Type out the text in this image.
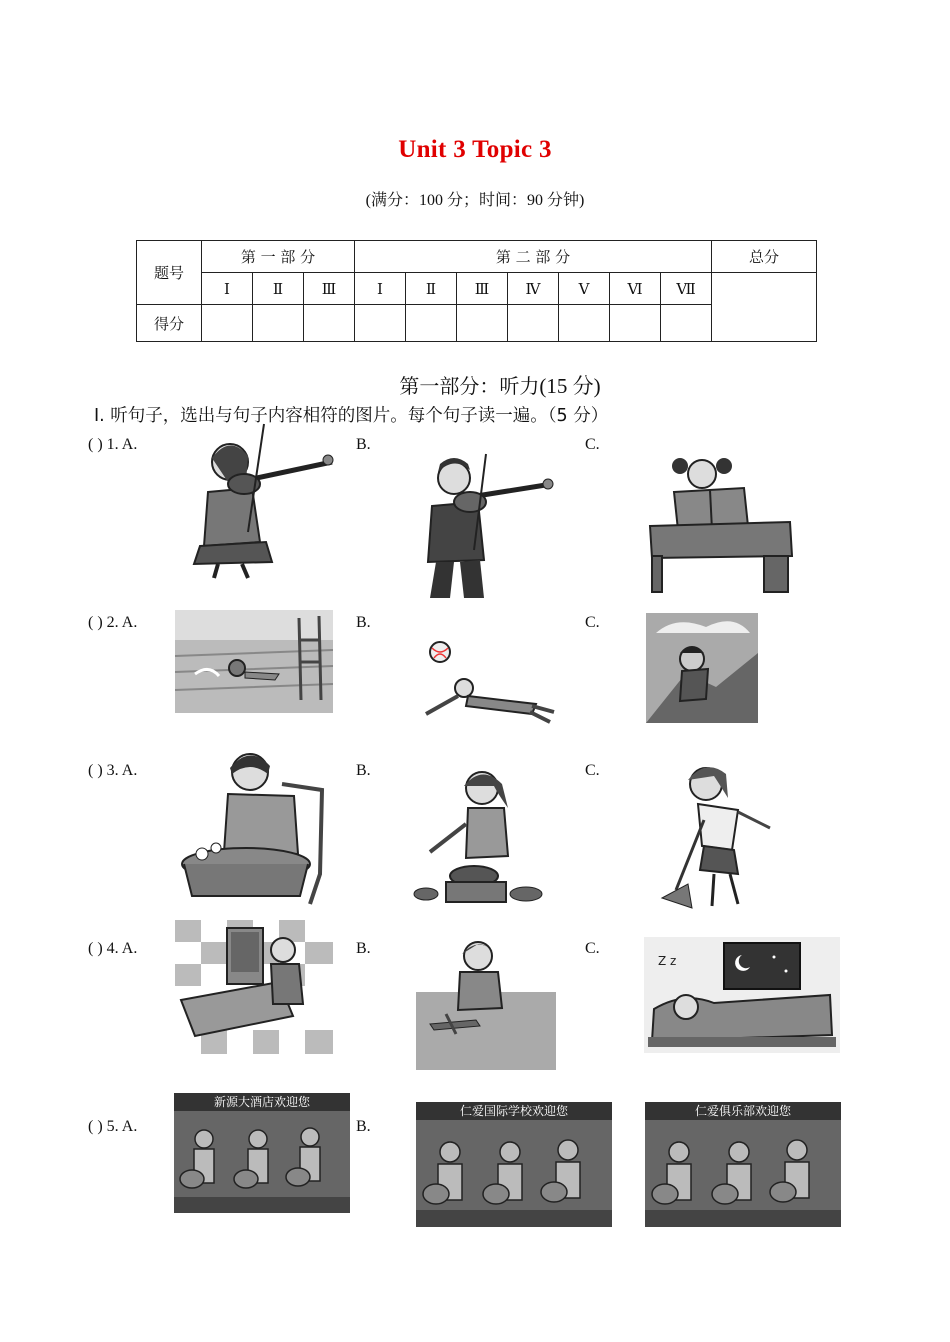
Unit 3 Topic 3
(满分：100 分；时间：90 分钟)
题号	第 一 部 分			第 二 部 分							总分
	Ⅰ	Ⅱ	Ⅲ	Ⅰ	Ⅱ	Ⅲ	Ⅳ	Ⅴ	Ⅵ	Ⅶ	
得分											
第一部分：听力(15 分)
Ⅰ. 听句子，选出与句子内容相符的图片。每个句子读一遍。（5 分）
( ) 1. A.	B.	C.
( ) 2. A.	B.	C.
( ) 3. A.	B.	C.
( ) 4. A.	B.	C.
( ) 5. A.	B.
Z z
新源大酒店欢迎您
仁爱国际学校欢迎您	仁爱俱乐部欢迎您
